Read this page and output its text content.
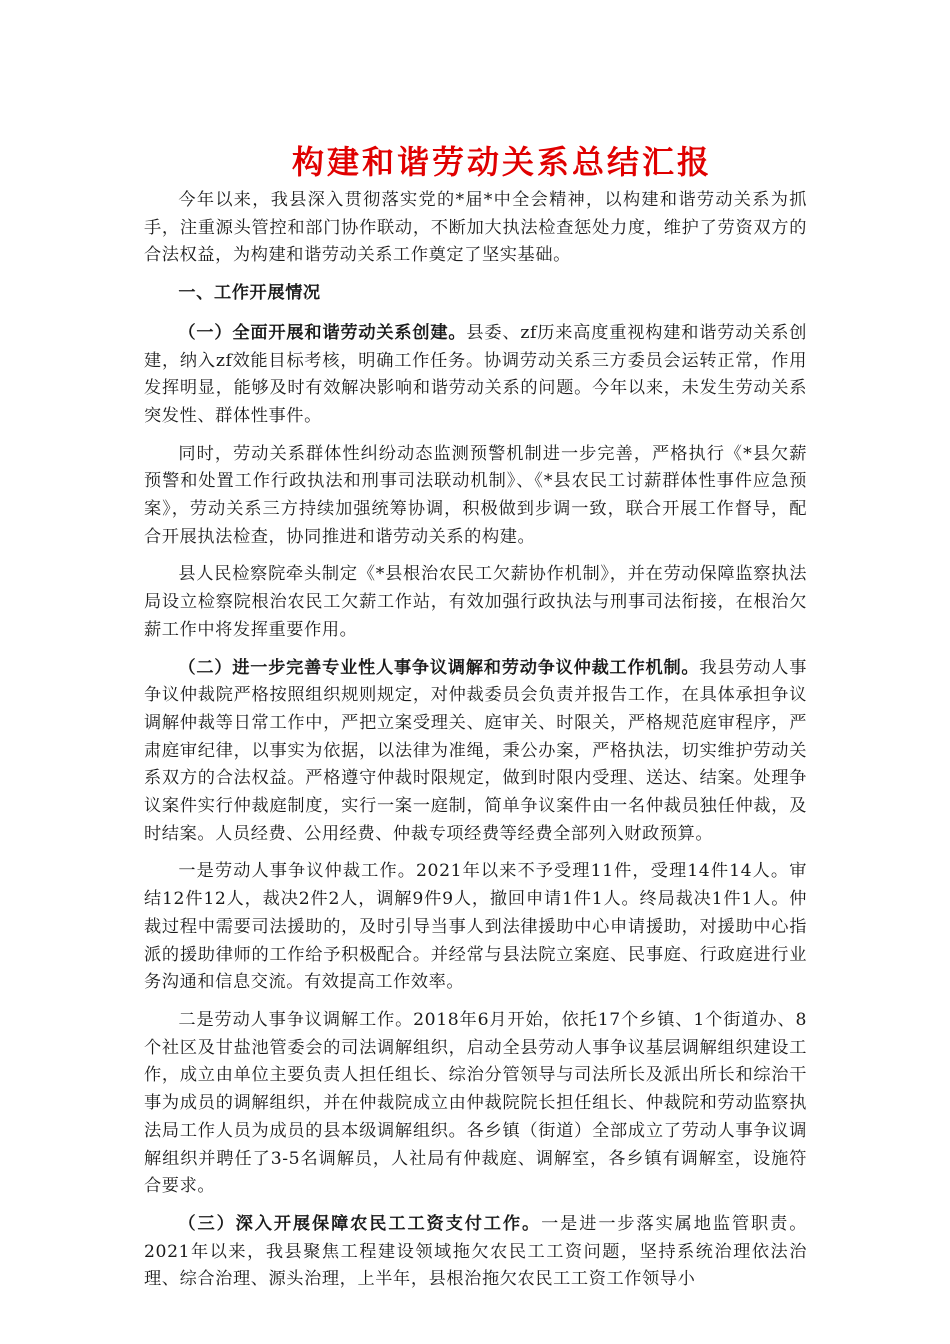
构建和谐劳动关系总结汇报

今年以来，我县深入贯彻落实党的*届*中全会精神，以构建和谐劳动关系为抓手，注重源头管控和部门协作联动，不断加大执法检查惩处力度，维护了劳资双方的合法权益，为构建和谐劳动关系工作奠定了坚实基础。

一、工作开展情况

（一）全面开展和谐劳动关系创建。县委、zf历来高度重视构建和谐劳动关系创建，纳入zf效能目标考核，明确工作任务。协调劳动关系三方委员会运转正常，作用发挥明显，能够及时有效解决影响和谐劳动关系的问题。今年以来，未发生劳动关系突发性、群体性事件。

同时，劳动关系群体性纠纷动态监测预警机制进一步完善，严格执行《*县欠薪预警和处置工作行政执法和刑事司法联动机制》、《*县农民工讨薪群体性事件应急预案》，劳动关系三方持续加强统筹协调，积极做到步调一致，联合开展工作督导，配合开展执法检查，协同推进和谐劳动关系的构建。

县人民检察院牵头制定《*县根治农民工欠薪协作机制》，并在劳动保障监察执法局设立检察院根治农民工欠薪工作站，有效加强行政执法与刑事司法衔接，在根治欠薪工作中将发挥重要作用。

（二）进一步完善专业性人事争议调解和劳动争议仲裁工作机制。我县劳动人事争议仲裁院严格按照组织规则规定，对仲裁委员会负责并报告工作，在具体承担争议调解仲裁等日常工作中，严把立案受理关、庭审关、时限关，严格规范庭审程序，严肃庭审纪律，以事实为依据，以法律为准绳，秉公办案，严格执法，切实维护劳动关系双方的合法权益。严格遵守仲裁时限规定，做到时限内受理、送达、结案。处理争议案件实行仲裁庭制度，实行一案一庭制，简单争议案件由一名仲裁员独任仲裁，及时结案。人员经费、公用经费、仲裁专项经费等经费全部列入财政预算。

一是劳动人事争议仲裁工作。2021年以来不予受理11件，受理14件14人。审结12件12人，裁决2件2人，调解9件9人，撤回申请1件1人。终局裁决1件1人。仲裁过程中需要司法援助的，及时引导当事人到法律援助中心申请援助，对援助中心指派的援助律师的工作给予积极配合。并经常与县法院立案庭、民事庭、行政庭进行业务沟通和信息交流。有效提高工作效率。

二是劳动人事争议调解工作。2018年6月开始，依托17个乡镇、1个街道办、8个社区及甘盐池管委会的司法调解组织，启动全县劳动人事争议基层调解组织建设工作，成立由单位主要负责人担任组长、综治分管领导与司法所长及派出所长和综治干事为成员的调解组织，并在仲裁院成立由仲裁院院长担任组长、仲裁院和劳动监察执法局工作人员为成员的县本级调解组织。各乡镇（街道）全部成立了劳动人事争议调解组织并聘任了3-5名调解员，人社局有仲裁庭、调解室，各乡镇有调解室，设施符合要求。

（三）深入开展保障农民工工资支付工作。一是进一步落实属地监管职责。2021年以来，我县聚焦工程建设领域拖欠农民工工资问题，坚持系统治理依法治理、综合治理、源头治理，上半年，县根治拖欠农民工工资工作领导小
